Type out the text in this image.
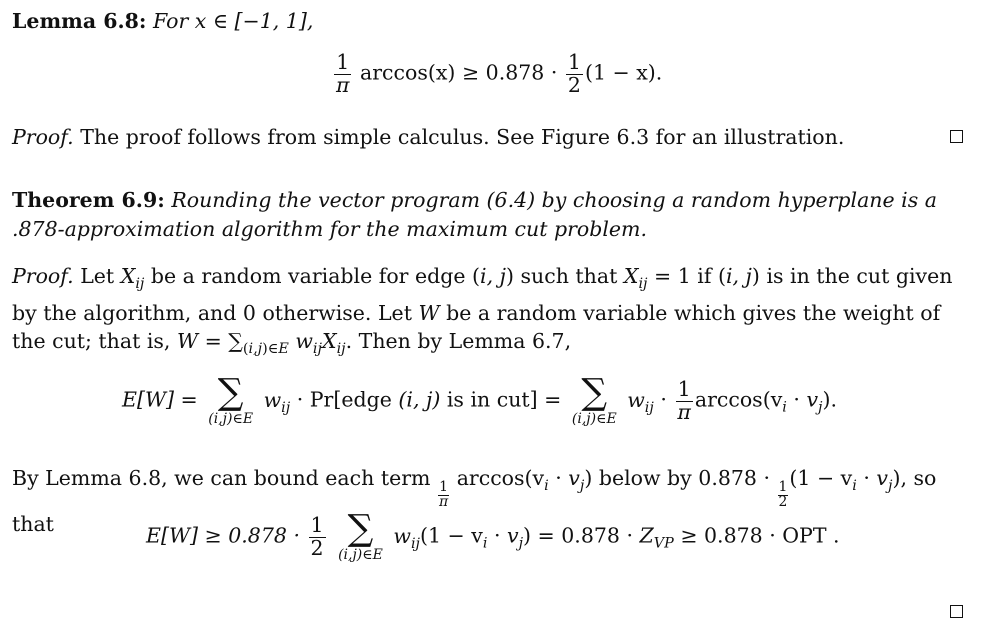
Lemma 6.8: For x ∈ [−1, 1],
$\frac{1}{\pi} \arccos(x) \ge 0.878 \cdot \frac{1}{2} (1 - x)$.
Proof. The proof follows from simple calculus. See Figure 6.3 for an illustration.
Theorem 6.9: Rounding the vector program (6.4) by choosing a random hyperplane is a .878-approximation algorithm for the maximum cut problem.
Proof. Let $X_{ij}$ be a random variable for edge (i, j) such that $X_{ij} = 1$ if (i, j) is in the cut given by the algorithm, and 0 otherwise. Let W be a random variable which gives the weight of the cut; that is, $W = \sum_{(i,j)\in E}$ $w_{ij}X_{ij}$. Then by Lemma 6.7,
E[W] = ∑
(i,j)∈E
$w_{ij}$ · Pr[edge (i, j) is in cut] = ∑
(i,j)∈E
$w_{ij} \cdot \frac{1}{\pi} \arccos(v_i \cdot v_j)$.
By Lemma 6.8, we can bound each term
$\frac{1}{\pi}$
$\arccos(v_i \cdot v_j)$ below by 0.878 ·
$\frac{1}{2}$
$(1 - v_i \cdot v_j)$, so that	$E[W] \ge 0.878 \cdot \frac{1}{2}$
∑
(i,j)∈E
$w_{ij}(1 - v_i \cdot v_j) = 0.878 \cdot Z_{VP} \ge 0.878$ · OPT .
